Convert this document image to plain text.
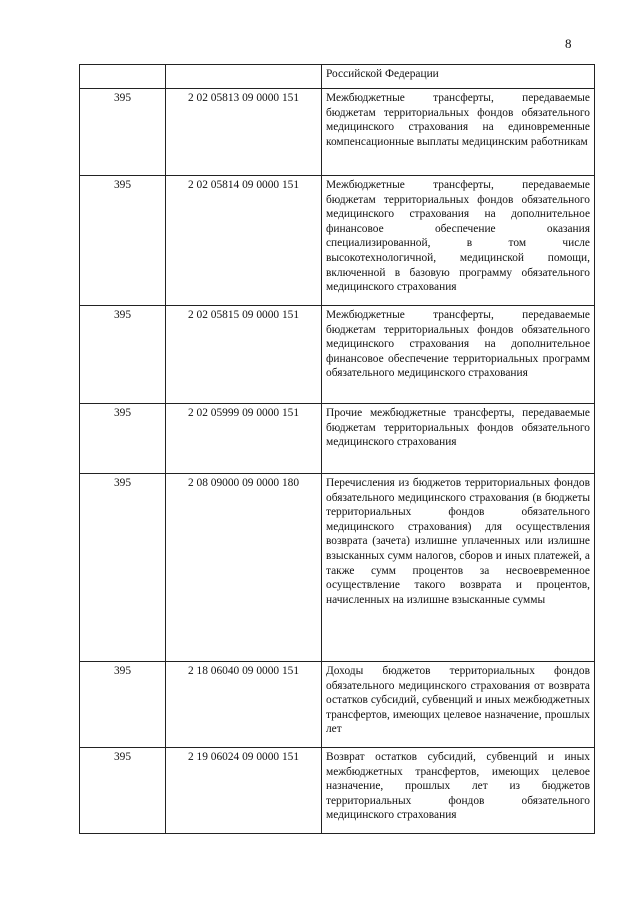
8
		Российской Федерации
395	2 02 05813 09 0000 151	Межбюджетные трансферты, передаваемые бюджетам территориальных фондов обязательного медицинского страхования на единовременные компенсационные выплаты медицинским работникам
395	2 02 05814 09 0000 151	Межбюджетные трансферты, передаваемые бюджетам территориальных фондов обязательного медицинского страхования на дополнительное финансовое обеспечение оказания специализированной, в том числе высокотехнологичной, медицинской помощи, включенной в базовую программу обязательного медицинского страхования
395	2 02 05815 09 0000 151	Межбюджетные трансферты, передаваемые бюджетам территориальных фондов обязательного медицинского страхования на дополнительное финансовое обеспечение территориальных программ обязательного медицинского страхования
395	2 02 05999 09 0000 151	Прочие межбюджетные трансферты, передаваемые бюджетам территориальных фондов обязательного медицинского страхования
395	2 08 09000 09 0000 180	Перечисления из бюджетов территориальных фондов обязательного медицинского страхования (в бюджеты территориальных фондов обязательного медицинского страхования) для осуществления возврата (зачета) излишне уплаченных или излишне взысканных сумм налогов, сборов и иных платежей, а также сумм процентов за несвоевременное осуществление такого возврата и процентов, начисленных на излишне взысканные суммы
395	2 18 06040 09 0000 151	Доходы бюджетов территориальных фондов обязательного медицинского страхования от возврата остатков субсидий, субвенций и иных межбюджетных трансфертов, имеющих целевое назначение, прошлых лет
395	2 19 06024 09 0000 151	Возврат остатков субсидий, субвенций и иных межбюджетных трансфертов, имеющих целевое назначение, прошлых лет из бюджетов территориальных фондов обязательного медицинского страхования
